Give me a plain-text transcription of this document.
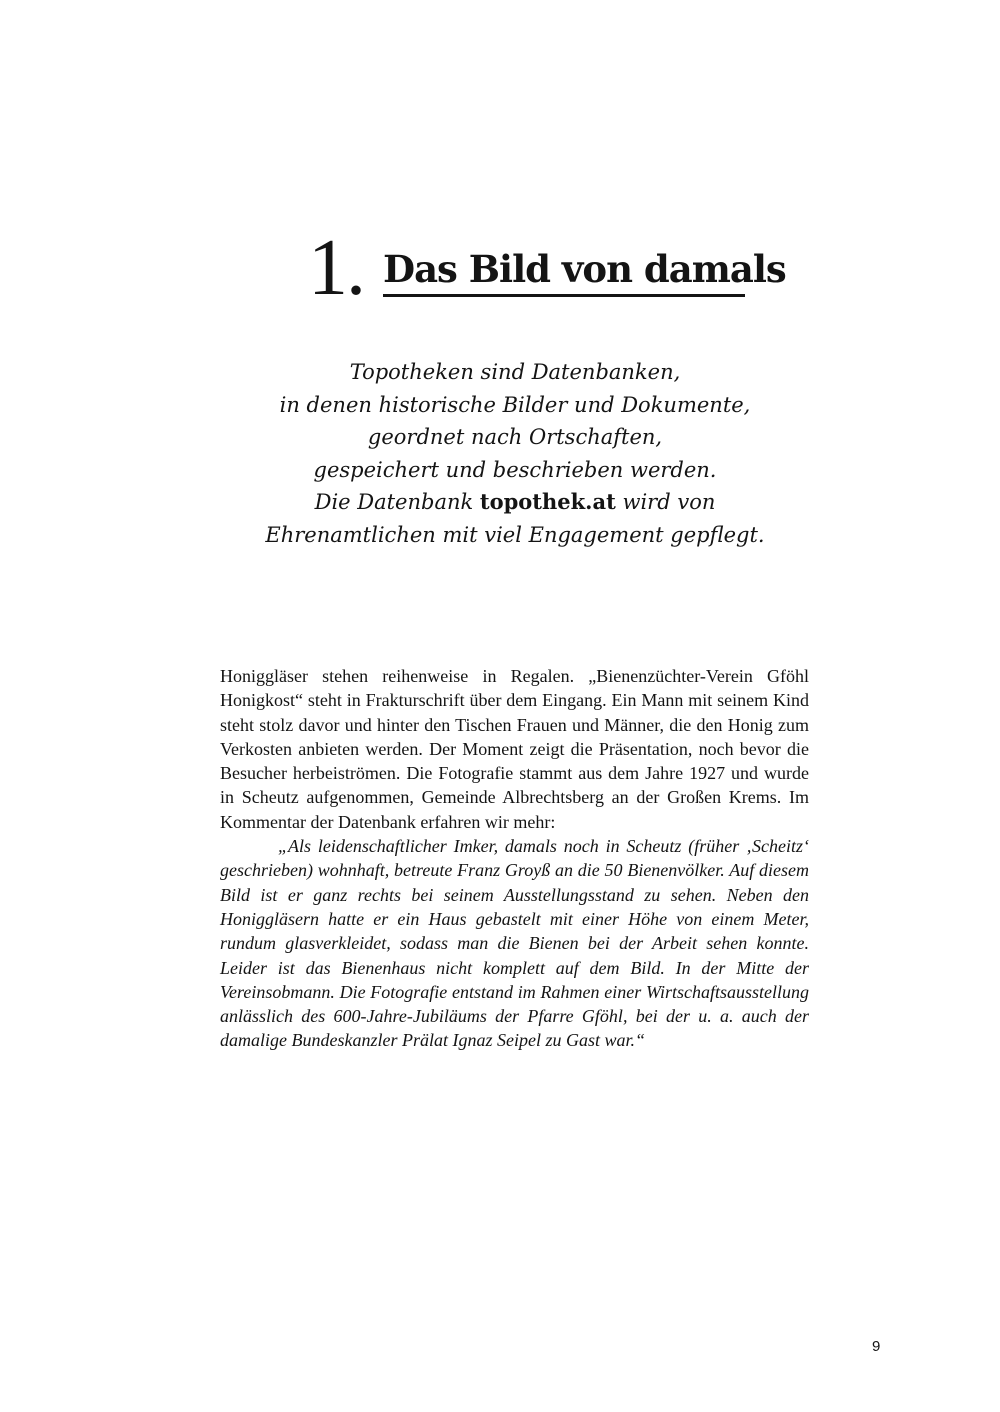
1. Das Bild von damals
Topotheken sind Datenbanken,
in denen historische Bilder und Dokumente,
geordnet nach Ortschaften,
gespeichert und beschrieben werden.
Die Datenbank topothek.at wird von
Ehrenamtlichen mit viel Engagement gepflegt.

Honiggläser stehen reihenweise in Regalen. „Bienenzüchter-Verein Gföhl Honigkost“ steht in Frakturschrift über dem Eingang. Ein Mann mit seinem Kind steht stolz davor und hinter den Tischen Frauen und Männer, die den Honig zum Verkosten anbieten werden. Der Moment zeigt die Präsentation, noch bevor die Besucher herbeiströmen. Die Fotografie stammt aus dem Jahre 1927 und wurde in Scheutz aufgenommen, Gemeinde Albrechtsberg an der Großen Krems. Im Kommentar der Datenbank erfahren wir mehr:

„Als leidenschaftlicher Imker, damals noch in Scheutz (früher ‚Scheitz‘ geschrieben) wohnhaft, betreute Franz Groyß an die 50 Bienenvölker. Auf diesem Bild ist er ganz rechts bei seinem Ausstellungsstand zu sehen. Neben den Honiggläsern hatte er ein Haus gebastelt mit einer Höhe von einem Meter, rundum glasverkleidet, sodass man die Bienen bei der Arbeit sehen konnte. Leider ist das Bienenhaus nicht komplett auf dem Bild. In der Mitte der Vereinsobmann. Die Fotografie entstand im Rahmen einer Wirtschaftsausstellung anlässlich des 600-Jahre-Jubiläums der Pfarre Gföhl, bei der u. a. auch der damalige Bundeskanzler Prälat Ignaz Seipel zu Gast war.“

9
